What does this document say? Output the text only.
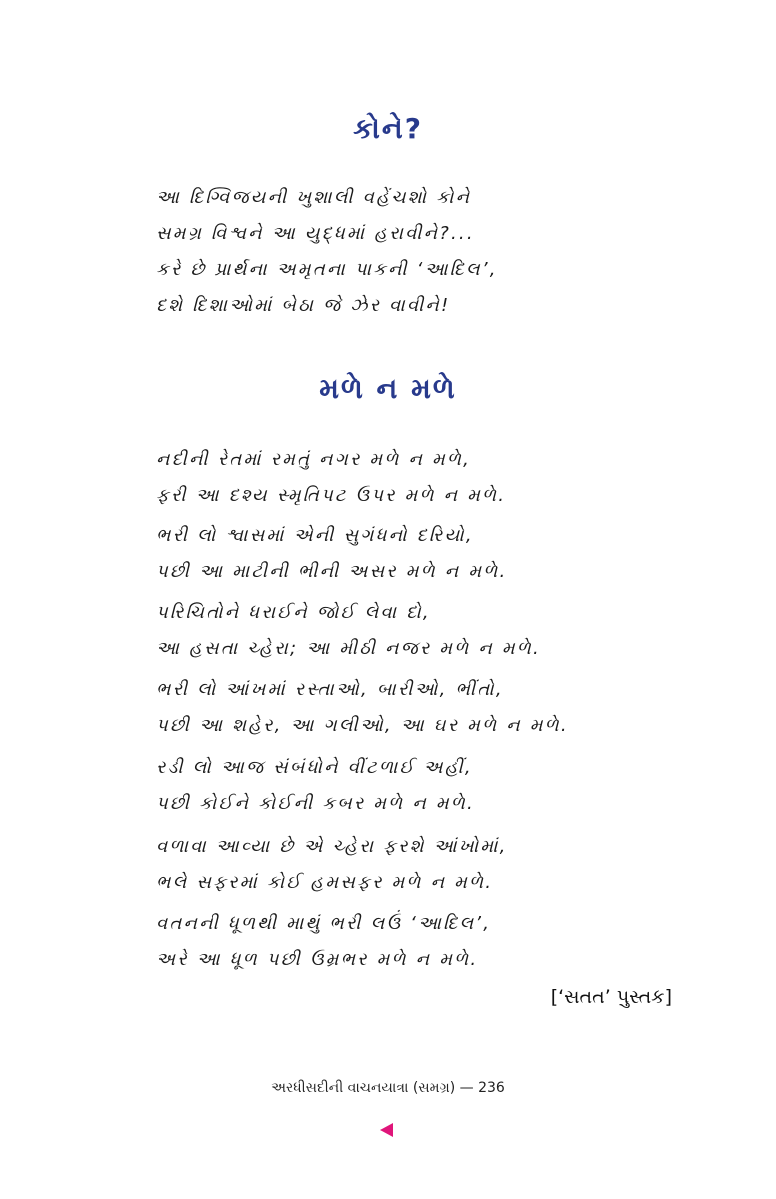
કોને?
આ દિગ્વિજયની ખુશાલી વહેંચશો કોને
સમગ્ર વિશ્વને આ યુદ્ધમાં હરાવીને?...
કરે છે પ્રાર્થના અમૃતના પાકની ‘આદિલ’,
દશે દિશાઓમાં બેઠા જે ઝેર વાવીને!
મળે ન મળે
નદીની રેતમાં રમતું નગર મળે ન મળે,
ફરી આ દશ્ય સ્મૃતિપટ ઉપર મળે ન મળે.
ભરી લો શ્વાસમાં એની સુગંધનો દરિયો,
પછી આ માટીની ભીની અસર મળે ન મળે.
પરિચિતોને ધરાઈને જોઈ લેવા દો,
આ હસતા ચ્હેરા; આ મીઠી નજર મળે ન મળે.
ભરી લો આંખમાં રસ્તાઓ, બારીઓ, ભીંતો,
પછી આ શહેર, આ ગલીઓ, આ ઘર મળે ન મળે.
રડી લો આજ સંબંધોને વીંટળાઈ અહીં,
પછી કોઈને કોઈની કબર મળે ન મળે.
વળાવા આવ્યા છે એ ચ્હેરા ફરશે આંખોમાં,
ભલે સફરમાં કોઈ હમસફર મળે ન મળે.
વતનની ધૂળથી માથું ભરી લઉં ‘આદિલ’,
અરે આ ધૂળ પછી ઉમ્રભર મળે ન મળે.
[‘સતત’ પુસ્તક]
અરધીસદીની વાચનયાત્રા (સમગ્ર) — 236
